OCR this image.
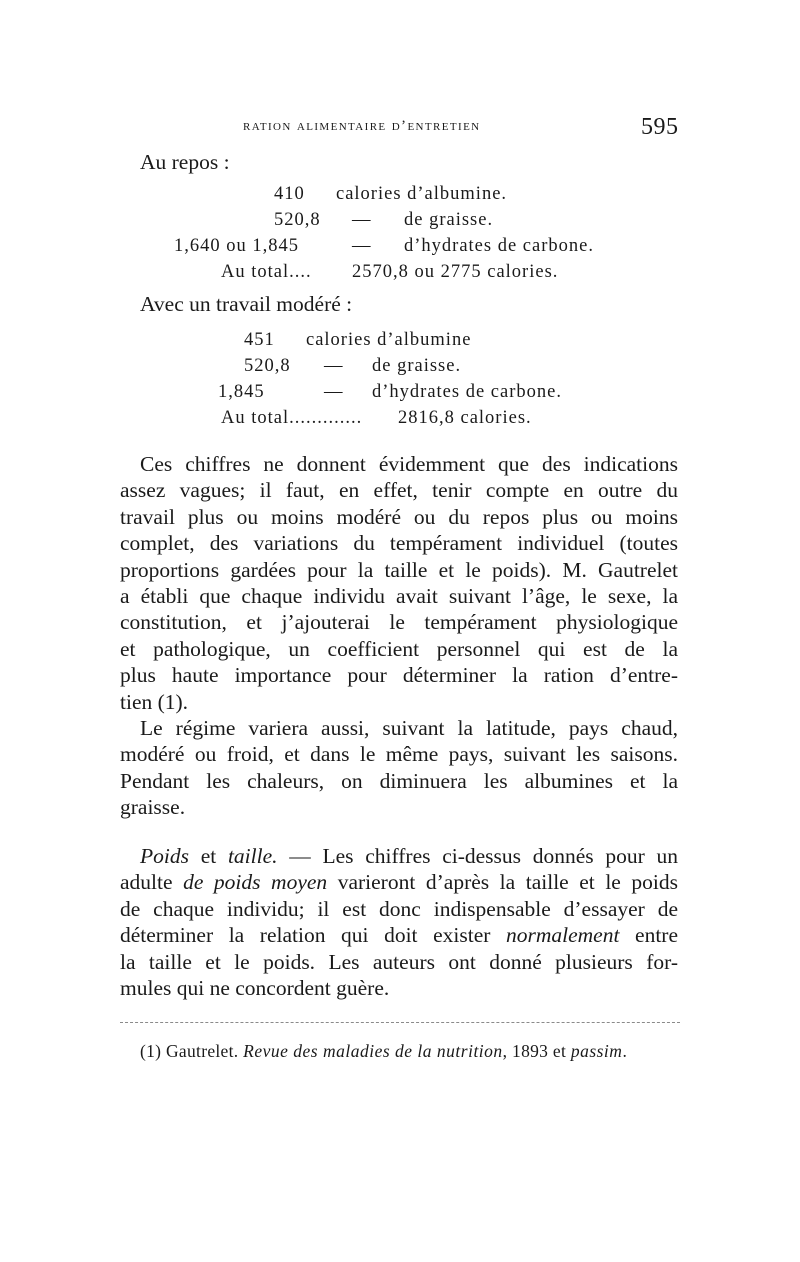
ration alimentaire d’entretien	595
Au repos :
410 calories d’albumine.
520,8 — de graisse.
1,640 ou 1,845	— d’hydrates de carbone.
Au total.... 2570,8 ou 2775 calories.
Avec un travail modéré :
451 calories d’albumine
520,8 — de graisse.
1,845	— d’hydrates de carbone.
Au total............. 2816,8 calories.
Ces chiffres ne donnent évidemment que des indications
assez vagues; il faut, en effet, tenir compte en outre du
travail plus ou moins modéré ou du repos plus ou moins
complet, des variations du tempérament individuel (toutes
proportions gardées pour la taille et le poids). M. Gautrelet
a établi que chaque individu avait suivant l’âge, le sexe, la
constitution, et j’ajouterai le tempérament physiologique
et pathologique, un coefficient personnel qui est de la
plus haute importance pour déterminer la ration d’entre-
tien (1).
Le régime variera aussi, suivant la latitude, pays chaud,
modéré ou froid, et dans le même pays, suivant les saisons.
Pendant les chaleurs, on diminuera les albumines et la
graisse.
Poids et taille. — Les chiffres ci-dessus donnés pour un
adulte de poids moyen varieront d’après la taille et le poids
de chaque individu; il est donc indispensable d’essayer de
déterminer la relation qui doit exister normalement entre
la taille et le poids. Les auteurs ont donné plusieurs for-
mules qui ne concordent guère.
(1) Gautrelet. Revue des maladies de la nutrition, 1893 et passim.
